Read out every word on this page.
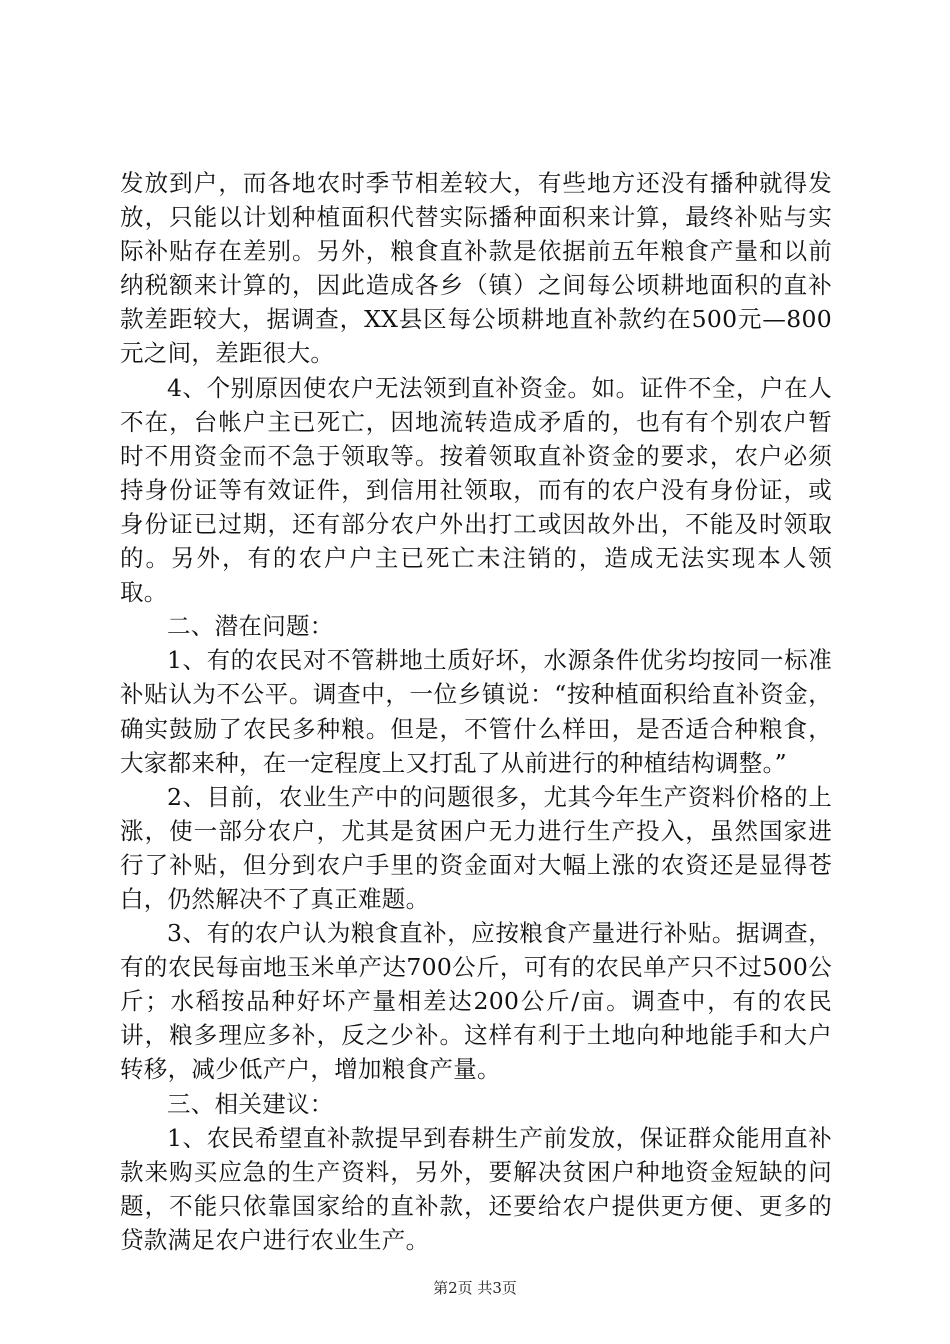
发放到户，而各地农时季节相差较大，有些地方还没有播种就得发放，只能以计划种植面积代替实际播种面积来计算，最终补贴与实际补贴存在差别。另外，粮食直补款是依据前五年粮食产量和以前纳税额来计算的，因此造成各乡（镇）之间每公顷耕地面积的直补款差距较大，据调查，XX县区每公顷耕地直补款约在500元—800元之间，差距很大。

4、个别原因使农户无法领到直补资金。如。证件不全，户在人不在，台帐户主已死亡，因地流转造成矛盾的，也有有个别农户暂时不用资金而不急于领取等。按着领取直补资金的要求，农户必须持身份证等有效证件，到信用社领取，而有的农户没有身份证，或身份证已过期，还有部分农户外出打工或因故外出，不能及时领取的。另外，有的农户户主已死亡未注销的，造成无法实现本人领取。

二、潜在问题：

1、有的农民对不管耕地土质好坏，水源条件优劣均按同一标准补贴认为不公平。调查中，一位乡镇说：“按种植面积给直补资金，确实鼓励了农民多种粮。但是，不管什么样田，是否适合种粮食，大家都来种，在一定程度上又打乱了从前进行的种植结构调整。”

2、目前，农业生产中的问题很多，尤其今年生产资料价格的上涨，使一部分农户，尤其是贫困户无力进行生产投入，虽然国家进行了补贴，但分到农户手里的资金面对大幅上涨的农资还是显得苍白，仍然解决不了真正难题。

3、有的农户认为粮食直补，应按粮食产量进行补贴。据调查，有的农民每亩地玉米单产达700公斤，可有的农民单产只不过500公斤；水稻按品种好坏产量相差达200公斤/亩。调查中，有的农民讲，粮多理应多补，反之少补。这样有利于土地向种地能手和大户转移，减少低产户，增加粮食产量。

三、相关建议：

1、农民希望直补款提早到春耕生产前发放，保证群众能用直补款来购买应急的生产资料，另外，要解决贫困户种地资金短缺的问题，不能只依靠国家给的直补款，还要给农户提供更方便、更多的贷款满足农户进行农业生产。

第2页 共3页
